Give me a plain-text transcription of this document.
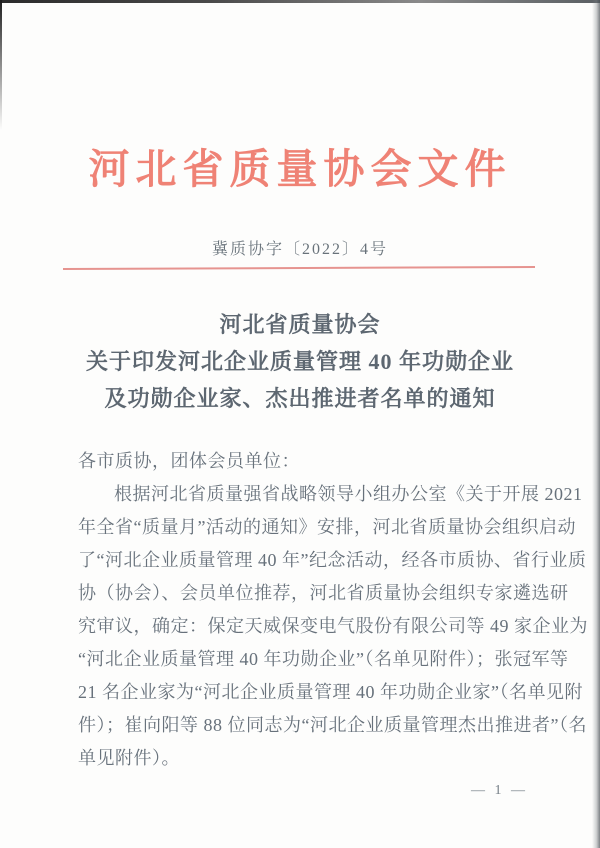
河北省质量协会文件
冀质协字〔2022〕4号
河北省质量协会
关于印发河北企业质量管理 40 年功勋企业
及功勋企业家、杰出推进者名单的通知
各市质协，团体会员单位：
根据河北省质量强省战略领导小组办公室《关于开展 2021
年全省“质量月”活动的通知》安排，河北省质量协会组织启动
了“河北企业质量管理 40 年”纪念活动，经各市质协、省行业质
协（协会）、会员单位推荐，河北省质量协会组织专家遴选研
究审议，确定：保定天威保变电气股份有限公司等 49 家企业为
“河北企业质量管理 40 年功勋企业”（名单见附件）；张冠军等
21 名企业家为“河北企业质量管理 40 年功勋企业家”（名单见附
件）；崔向阳等 88 位同志为“河北企业质量管理杰出推进者”（名
单见附件）。
— 1 —
